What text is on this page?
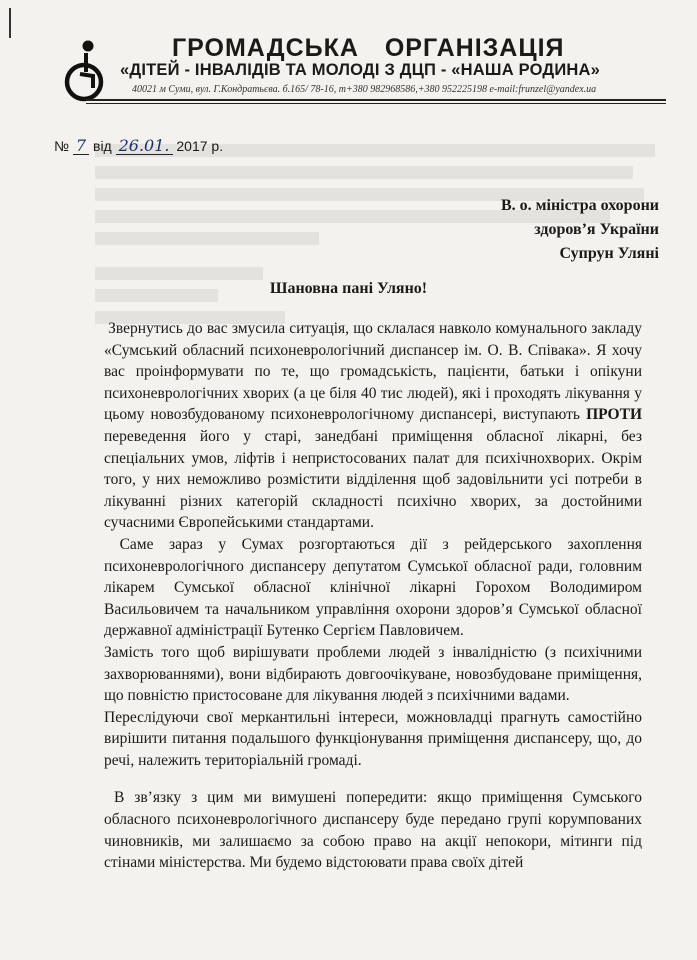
ГРОМАДСЬКА ОРГАНІЗАЦІЯ
«ДІТЕЙ - ІНВАЛІДІВ ТА МОЛОДІ З ДЦП - «НАША РОДИНА»
40021 м Суми, вул. Г.Кондратьєва. б.165/ 78-16, т+380 982968586,+380 952225198 e-mail:frunzel@yandex.ua
№ 7 від 26.01. 2017 р.
В. о. міністра охорони
здоров’я України
Супрун Уляні
Шановна пані Уляно!

Звернутись до вас змусила ситуація, що склалася навколо комунального закладу «Сумський обласний психоневрологічний диспансер ім. О. В. Співака». Я хочу вас проінформувати по те, що громадськість, пацієнти, батьки і опікуни психоневрологічних хворих (а це біля 40 тис людей), які і проходять лікування у цьому новозбудованому психоневрологічному диспансері, виступають ПРОТИ переведення його у старі, занедбані приміщення обласної лікарні, без спеціальних умов, ліфтів і непристосованих палат для психічнохворих. Окрім того, у них неможливо розмістити відділення щоб задовільнити усі потреби в лікуванні різних категорій складності психічно хворих, за достойними сучасними Європейськими стандартами.

Саме зараз у Сумах розгортаються дії з рейдерського захоплення психоневрологічного диспансеру депутатом Сумської обласної ради, головним лікарем Сумської обласної клінічної лікарні Горохом Володимиром Васильовичем та начальником управління охорони здоров’я Сумської обласної державної адміністрації Бутенко Сергієм Павловичем.

Замість того щоб вирішувати проблеми людей з інвалідністю (з психічними захворюваннями), вони відбирають довгоочікуване, новозбудоване приміщення, що повністю пристосоване для лікування людей з психічними вадами.

Переслідуючи свої меркантильні інтереси, можновладці прагнуть самостійно вирішити питання подальшого функціонування приміщення диспансеру, що, до речі, належить територіальній громаді.

В зв’язку з цим ми вимушені попередити: якщо приміщення Сумського обласного психоневрологічного диспансеру буде передано групі корумпованих чиновників, ми залишаємо за собою право на акції непокори, мітинги під стінами міністерства. Ми будемо відстоювати права своїх дітей
